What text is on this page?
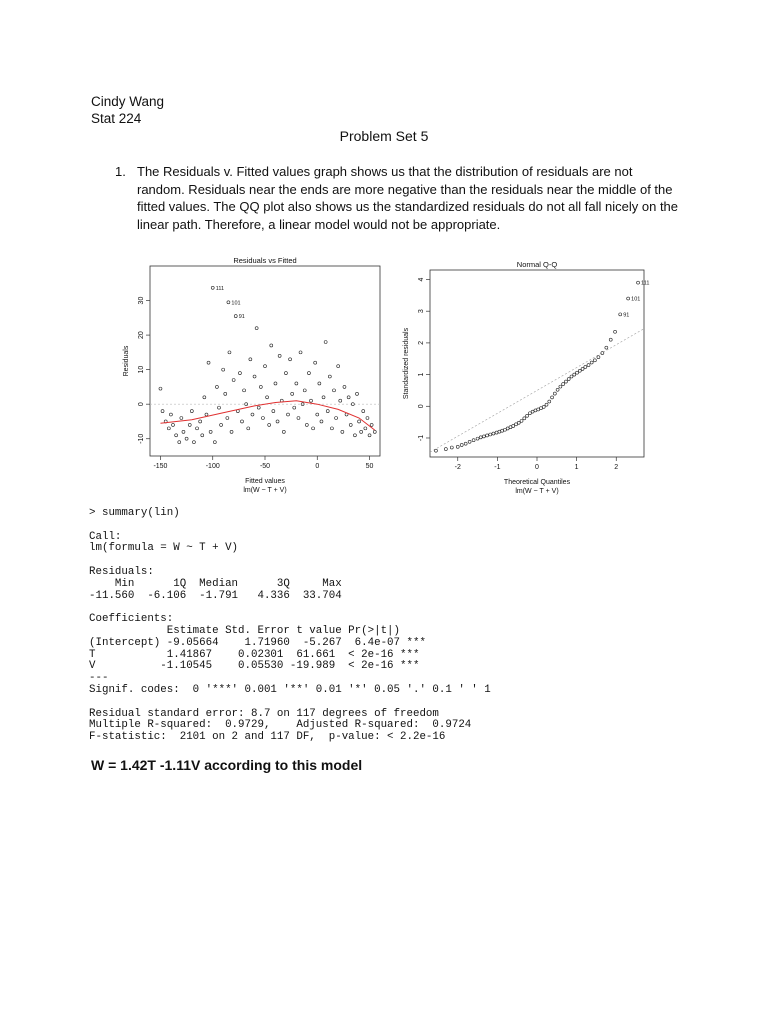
Cindy Wang
Stat 224
Problem Set 5
1. The Residuals v. Fitted values graph shows us that the distribution of residuals are not random. Residuals near the ends are more negative than the residuals near the middle of the fitted values. The QQ plot also shows us the standardized residuals do not all fall nicely on the linear path. Therefore, a linear model would not be appropriate.
Residuals vs Fitted
-150	-100	-50	0	50
-10
0
10
20
30
Fitted values
lm(W ~ T + V)
Residuals
111
101
91
Normal Q-Q
-2	-1	0	1	2
-1
0
1
2
3
4
Theoretical Quantiles
lm(W ~ T + V)
Standardized residuals
111
101
91
> summary(lin)
Call:
lm(formula = W ~ T + V)
Residuals:
Min      1Q  Median      3Q     Max
-11.560  -6.106  -1.791   4.336  33.704
Coefficients:
Estimate Std. Error t value Pr(>|t|)
(Intercept) -9.05664    1.71960  -5.267  6.4e-07 ***
T           1.41867    0.02301  61.661  < 2e-16 ***
V          -1.10545    0.05530 -19.989  < 2e-16 ***
---
Signif. codes:  0 '***' 0.001 '**' 0.01 '*' 0.05 '.' 0.1 ' ' 1
Residual standard error: 8.7 on 117 degrees of freedom
Multiple R-squared:  0.9729,    Adjusted R-squared:  0.9724
F-statistic:  2101 on 2 and 117 DF,  p-value: < 2.2e-16
W = 1.42T -1.11V according to this model
